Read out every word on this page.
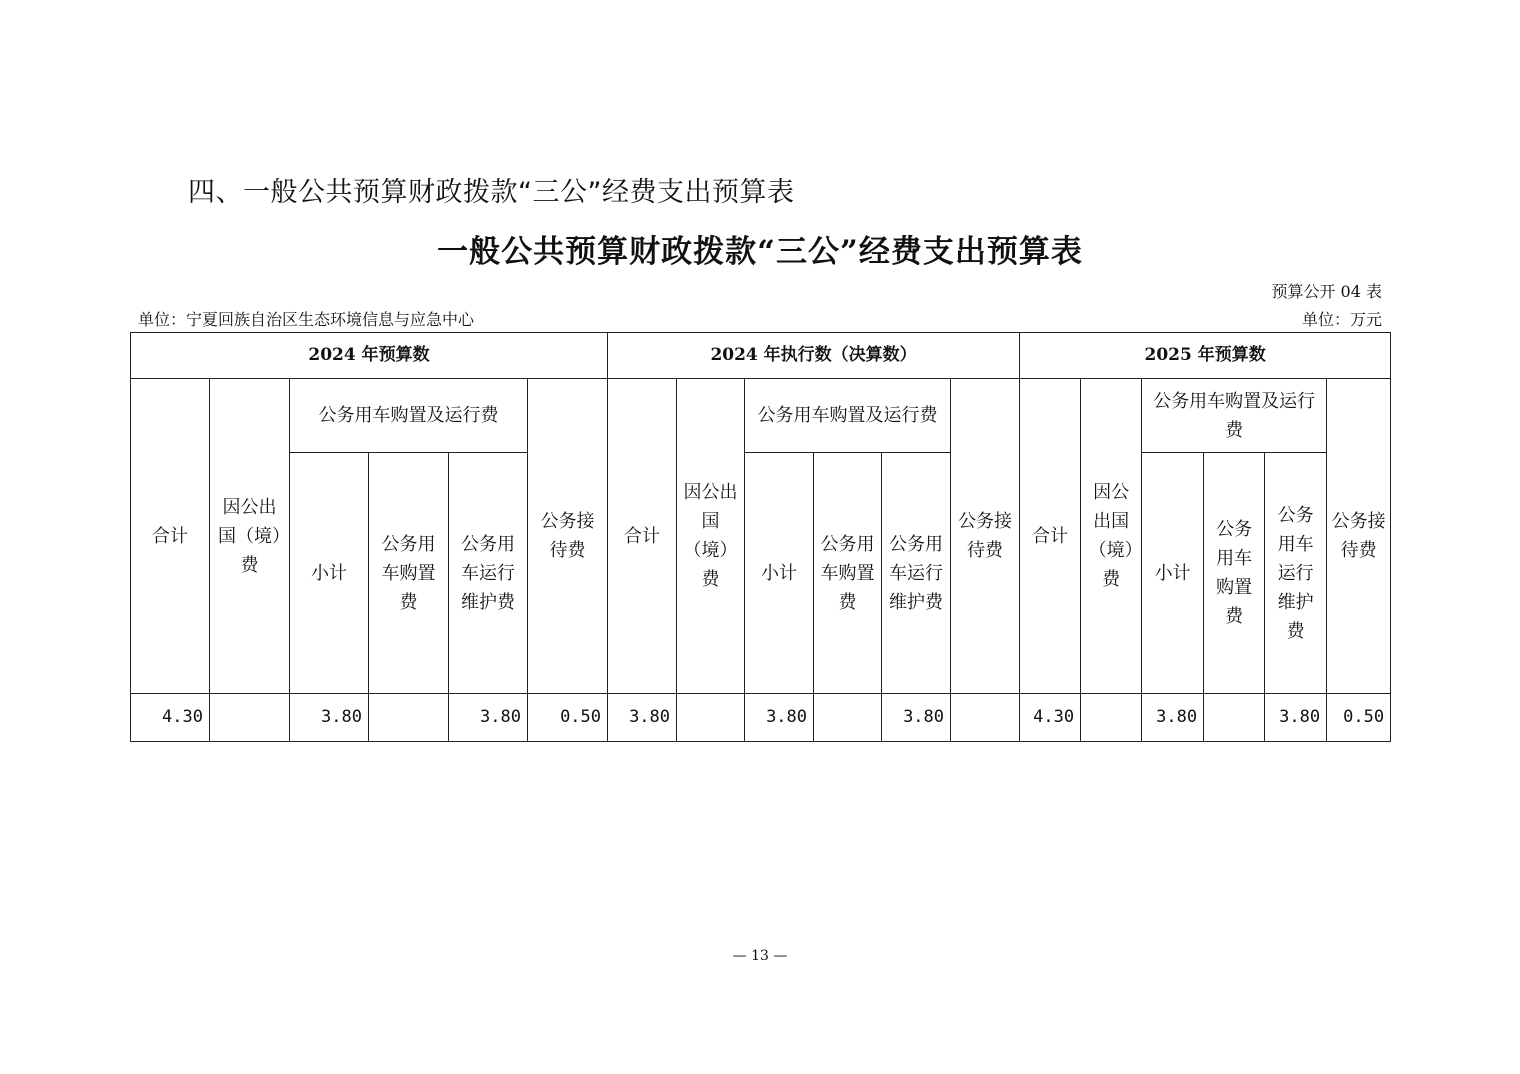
四、一般公共预算财政拨款“三公”经费支出预算表
一般公共预算财政拨款“三公”经费支出预算表
预算公开 04 表
单位：宁夏回族自治区生态环境信息与应急中心	单位：万元
2024 年预算数						2024 年执行数（决算数）						2025 年预算数					
合计	因公出国（境）费	公务用车购置及运行费			公务接待费	合计	因公出国（境）费	公务用车购置及运行费			公务接待费	合计	因公出国（境）费	公务用车购置及运行费			公务接待费
		小计	公务用车购置费	公务用车运行维护费				小计	公务用车购置费	公务用车运行维护费				小计	公务用车购置费	公务用车运行维护费	
4.30		3.80		3.80	0.50	3.80		3.80		3.80		4.30		3.80		3.80	0.50
— 13 —
